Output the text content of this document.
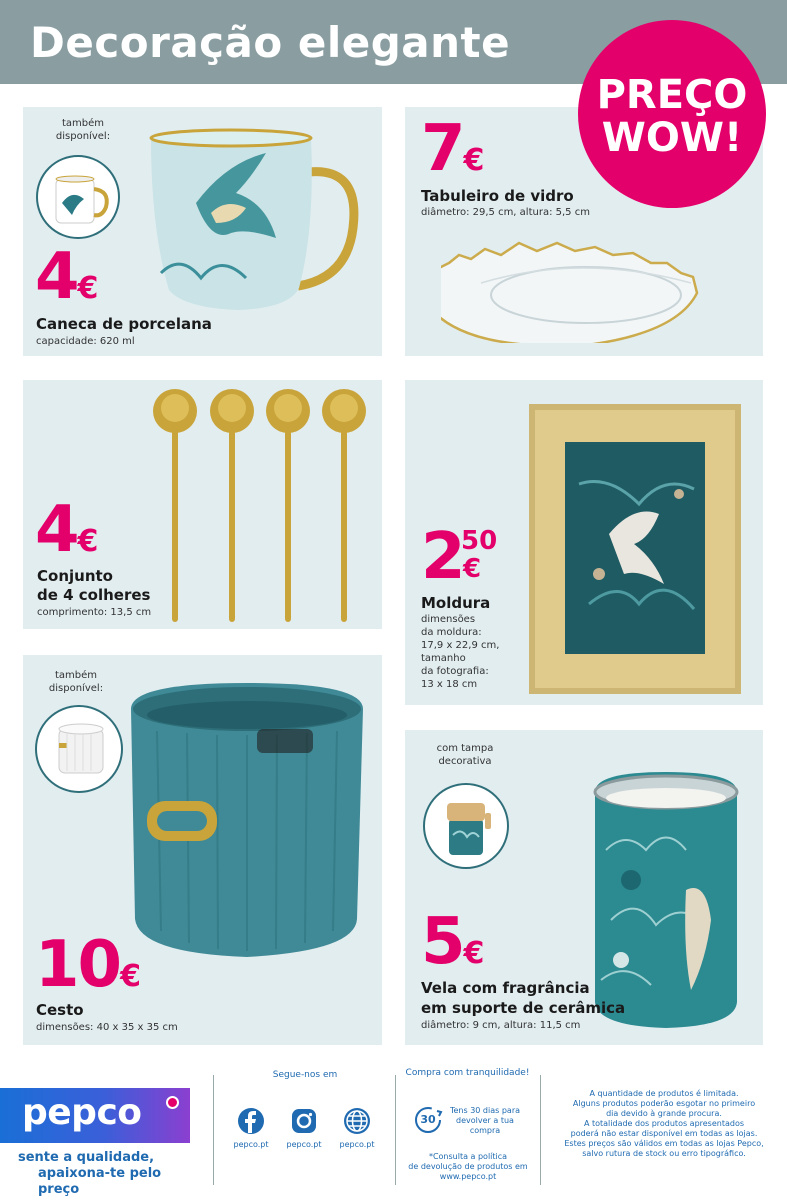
Decoração elegante
PREÇO
WOW!
também
disponível:
4€
Caneca de porcelana
capacidade: 620 ml
7€
Tabuleiro de vidro
diâmetro: 29,5 cm, altura: 5,5 cm
4€
Conjunto
de 4 colheres
comprimento: 13,5 cm
2
50
€
Moldura
dimensões
da moldura:
17,9 x 22,9 cm,
tamanho
da fotografia:
13 x 18 cm
também
disponível:
10€
Cesto
dimensões: 40 x 35 x 35 cm
com tampa
decorativa
5€
Vela com fragrância
em suporte de cerâmica
diâmetro: 9 cm, altura: 11,5 cm
pepco
sente a qualidade,
apaixona-te pelo preço
Segue-nos em
pepco.pt	pepco.pt	pepco.pt
Compra com tranquilidade!
30
Tens 30 dias para
devolver a tua
compra
*Consulta a política
de devolução de produtos em
www.pepco.pt
A quantidade de produtos é limitada.
Alguns produtos poderão esgotar no primeiro
dia devido à grande procura.
A totalidade dos produtos apresentados
poderá não estar disponível em todas as lojas.
Estes preços são válidos em todas as lojas Pepco,
salvo rutura de stock ou erro tipográfico.
